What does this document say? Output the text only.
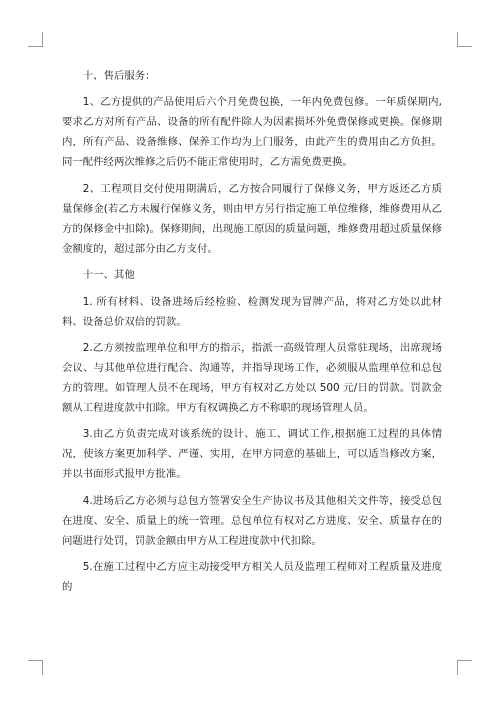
十、售后服务：

1、乙方提供的产品使用后六个月免费包换，一年内免费包修。一年质保期内,要求乙方对所有产品、设备的所有配件除人为因素损坏外免费保修或更换。保修期内，所有产品、设备维修、保养工作均为上门服务，由此产生的费用由乙方负担。同一配件经两次维修之后仍不能正常使用时，乙方需免费更换。

2、工程项目交付使用期满后，乙方按合同履行了保修义务，甲方返还乙方质量保修金(若乙方未履行保修义务，则由甲方另行指定施工单位维修，维修费用从乙方的保修金中扣除)。保修期间，出现施工原因的质量问题，维修费用超过质量保修金额度的，超过部分由乙方支付。

十一、其他

1. 所有材料、设备进场后经检验、检测发现为冒牌产品，将对乙方处以此材料、设备总价双倍的罚款。

2.乙方须按监理单位和甲方的指示，指派一高级管理人员常驻现场，出席现场会议、与其他单位进行配合、沟通等，并指导现场工作，必须服从监理单位和总包方的管理。如管理人员不在现场，甲方有权对乙方处以 500 元/日的罚款。罚款金额从工程进度款中扣除。甲方有权调换乙方不称职的现场管理人员。

3.由乙方负责完成对该系统的设计、施工、调试工作,根据施工过程的具体情况，使该方案更加科学、严谨、实用，在甲方同意的基础上，可以适当修改方案，并以书面形式报甲方批准。

4.进场后乙方必须与总包方签署安全生产协议书及其他相关文件等，接受总包在进度、安全、质量上的统一管理。总包单位有权对乙方进度、安全、质量存在的 问题进行处罚，罚款金额由甲方从工程进度款中代扣除。

5.在施工过程中乙方应主动接受甲方相关人员及监理工程师对工程质量及进度的
